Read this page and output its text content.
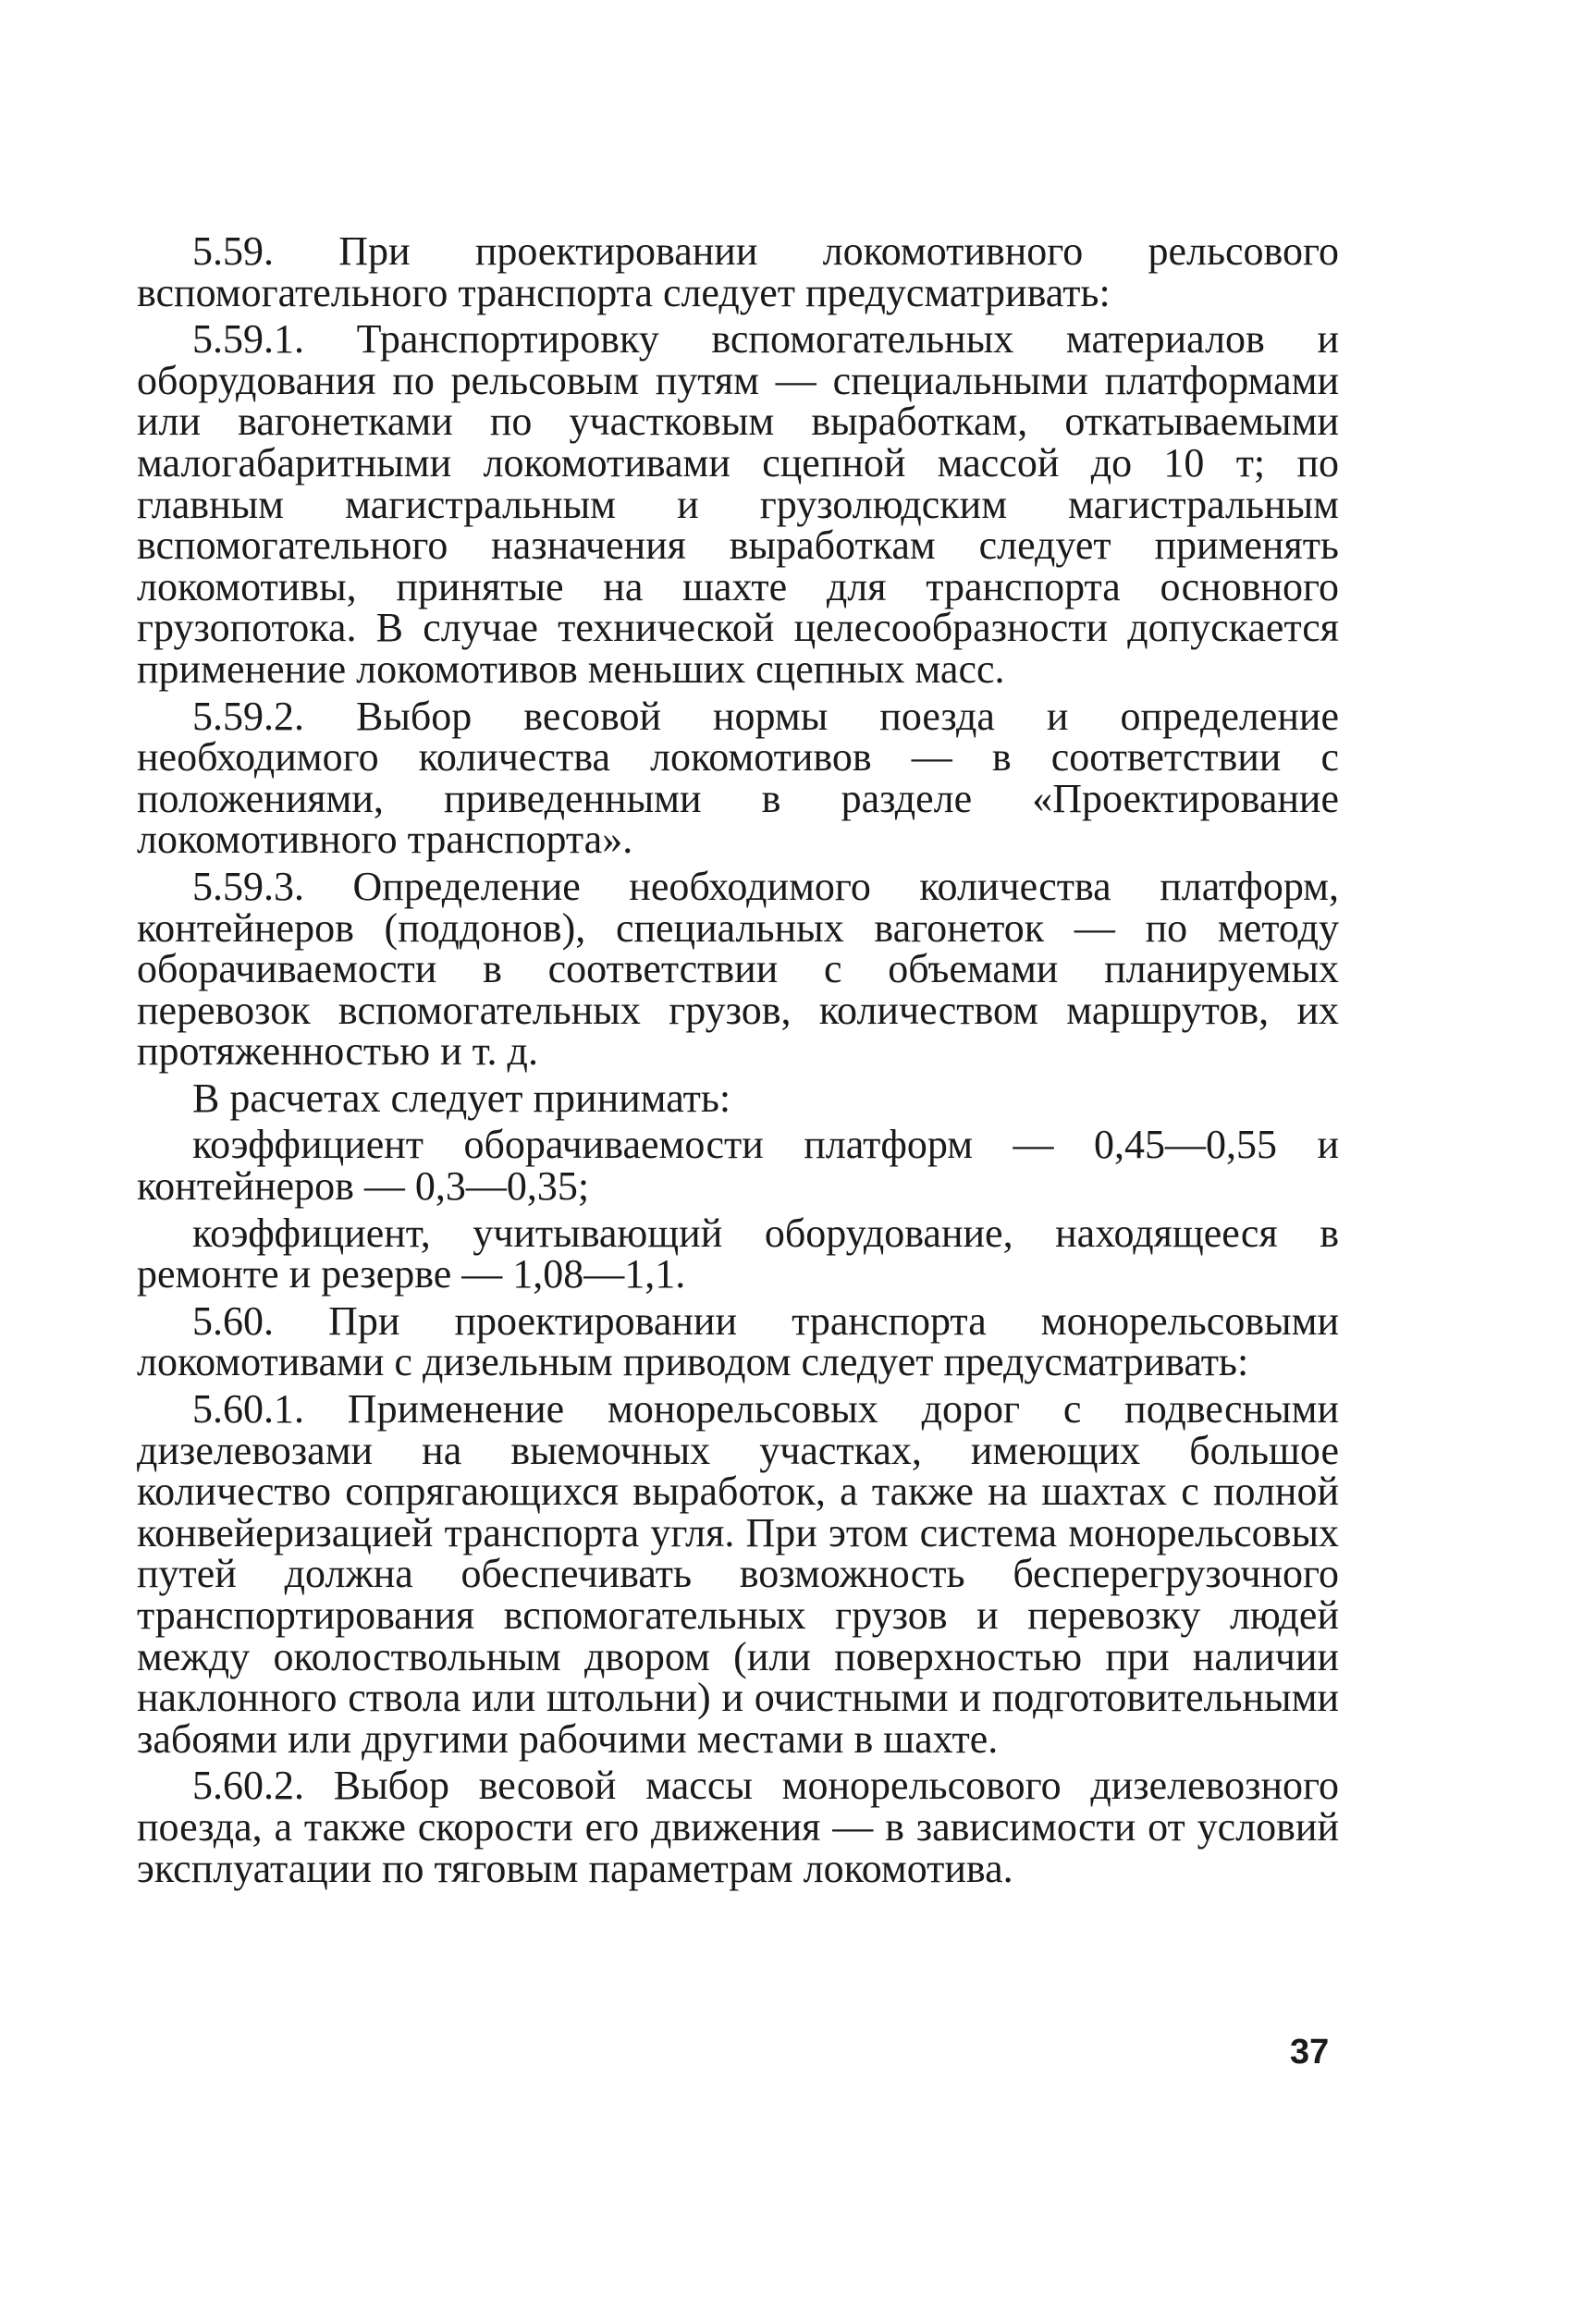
5.59. При проектировании локомотивного рельсового вспомогательного транспорта следует предусматривать:

5.59.1. Транспортировку вспомогательных материалов и оборудования по рельсовым путям — специальными платформами или вагонетками по участковым выработкам, откатываемыми малогабаритными локомотивами сцепной массой до 10 т; по главным магистральным и грузолюдским магистральным вспомогательного назначения выработкам следует применять локомотивы, принятые на шахте для транспорта основного грузопотока. В случае технической целесообразности допускается применение локомотивов меньших сцепных масс.

5.59.2. Выбор весовой нормы поезда и определение необходимого количества локомотивов — в соответствии с положениями, приведенными в разделе «Проектирование локомотивного транспорта».

5.59.3. Определение необходимого количества платформ, контейнеров (поддонов), специальных вагонеток — по методу оборачиваемости в соответствии с объемами планируемых перевозок вспомогательных грузов, количеством маршрутов, их протяженностью и т. д.

В расчетах следует принимать:

коэффициент оборачиваемости платформ — 0,45—0,55 и контейнеров — 0,3—0,35;

коэффициент, учитывающий оборудование, находящееся в ремонте и резерве — 1,08—1,1.

5.60. При проектировании транспорта монорельсовыми локомотивами с дизельным приводом следует предусматривать:

5.60.1. Применение монорельсовых дорог с подвесными дизелевозами на выемочных участках, имеющих большое количество сопрягающихся выработок, а также на шахтах с полной конвейеризацией транспорта угля. При этом система монорельсовых путей должна обеспечивать возможность бесперегрузочного транспортирования вспомогательных грузов и перевозку людей между околоствольным двором (или поверхностью при наличии наклонного ствола или штольни) и очистными и подготовительными забоями или другими рабочими местами в шахте.

5.60.2. Выбор весовой массы монорельсового дизелевозного поезда, а также скорости его движения — в зависимости от условий эксплуатации по тяговым параметрам локомотива.

37
